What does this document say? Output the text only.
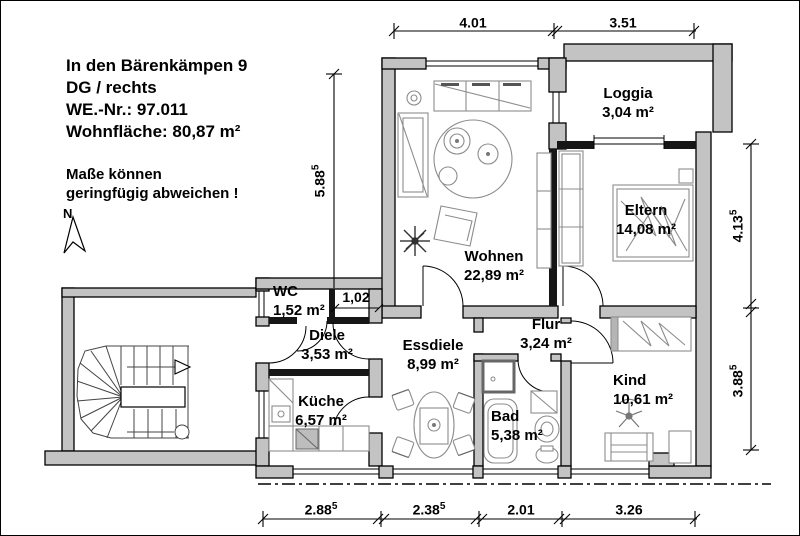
In den Bärenkämpen 9
DG / rechts
WE.-Nr.: 97.011
Wohnfläche: 80,87 m²
Maße können
geringfügig abweichen !
N
Wohnen
22,89 m²
Loggia
3,04 m²
Eltern
14,08 m²
WC
1,52 m²
Diele
3,53 m²
Essdiele
8,99 m²
Flur
3,24 m²
Küche
6,57 m²	Bad
5,38 m²
Kind
10,61 m²
4.01	3.51
2.88$^5$	2.38$^5$	2.01	3.26
5.88$^5$
4.13$^5$
3.88$^5$
1,02
